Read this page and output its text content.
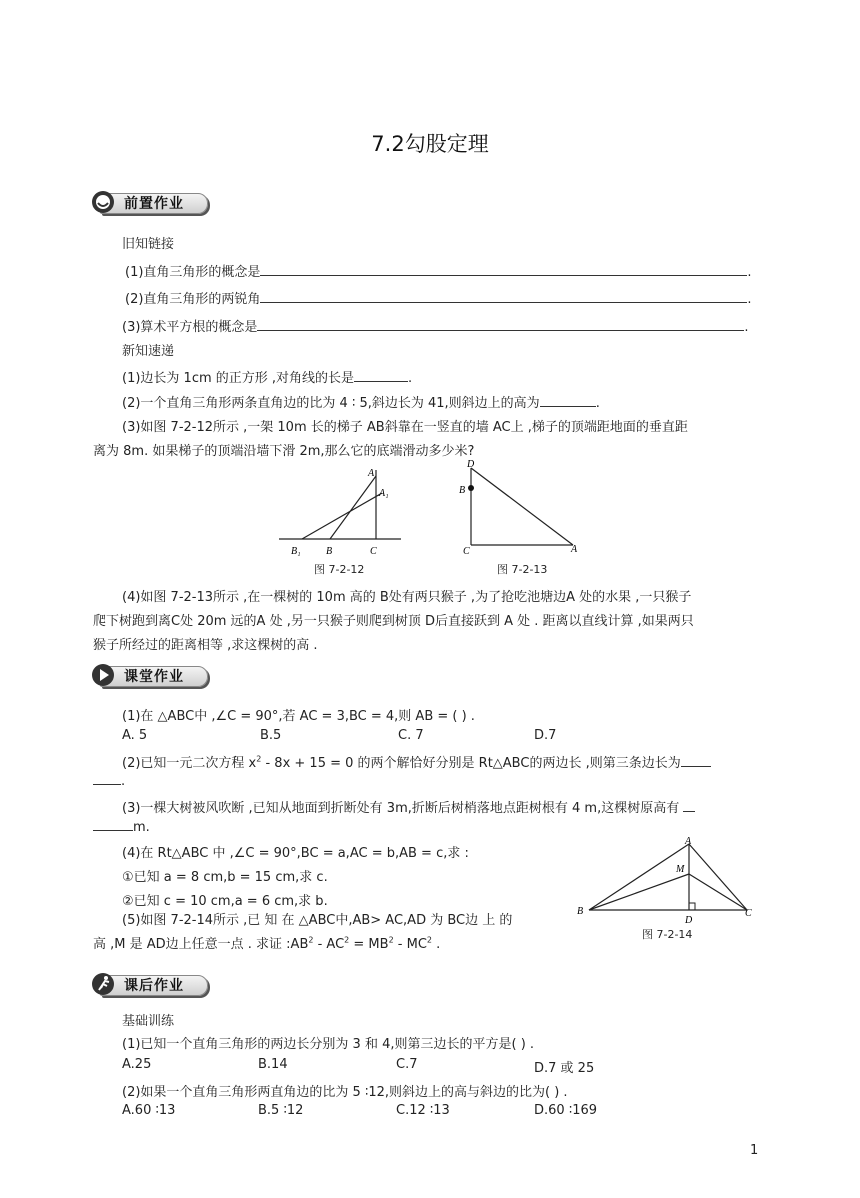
7.2勾股定理
前置作业
旧知链接
(1)直角三角形的概念是	.
(2)直角三角形的两锐角	.
(3)算术平方根的概念是	.
新知速递
(1)边长为 1cm 的正方形 ,对角线的长是	.
(2)一个直角三角形两条直角边的比为 4 ∶ 5,斜边长为 41,则斜边上的高为	.
(3)如图 7-2-12所示 ,一架 10m 长的梯子 AB斜靠在一竖直的墙 AC上 ,梯子的顶端距地面的垂直距
离为 8m. 如果梯子的顶端沿墙下滑 2m,那么它的底端滑动多少米?
A
A₁
B₁	B	C
图 7-2-12
D
B
C	A
图 7-2-13
(4)如图 7-2-13所示 ,在一棵树的 10m 高的 B处有两只猴子 ,为了抢吃池塘边A 处的水果 ,一只猴子
爬下树跑到离C处 20m 远的A 处 ,另一只猴子则爬到树顶 D后直接跃到 A 处 . 距离以直线计算 ,如果两只
猴子所经过的距离相等 ,求这棵树的高 .
课堂作业
(1)在 △ABC中 ,∠C = 90°,若 AC = 3,BC = 4,则 AB = ( ) .
A. 5	B.5	C. 7	D.7
(2)已知一元二次方程 $x^2 - 8x + 15 = 0$ 的两个解恰好分别是 Rt△ABC的两边长 ,则第三条边长为
.
(3)一棵大树被风吹断 ,已知从地面到折断处有 3m,折断后树梢落地点距树根有 4 m,这棵树原高有
m.
(4)在 Rt△ABC 中 ,∠C = 90°,BC = a,AC = b,AB = c,求 :
①已知 a = 8 cm,b = 15 cm,求 c.
②已知 c = 10 cm,a = 6 cm,求 b.
(5)如图 7-2-14所示 ,已 知 在 △ABC中,AB> AC,AD 为 BC边 上 的
高 ,M 是 AD边上任意一点 . 求证 $:AB^2 - AC^2 = MB^2 - MC^2$ .
A
M
B
D
C
图 7-2-14
课后作业
基础训练
(1)已知一个直角三角形的两边长分别为 3 和 4,则第三边长的平方是( ) .
A.25	B.14	C.7	D.7 或 25
(2)如果一个直角三角形两直角边的比为 5 ∶12,则斜边上的高与斜边的比为( ) .
A.60 ∶13	B.5 ∶12	C.12 ∶13	D.60 ∶169
1
